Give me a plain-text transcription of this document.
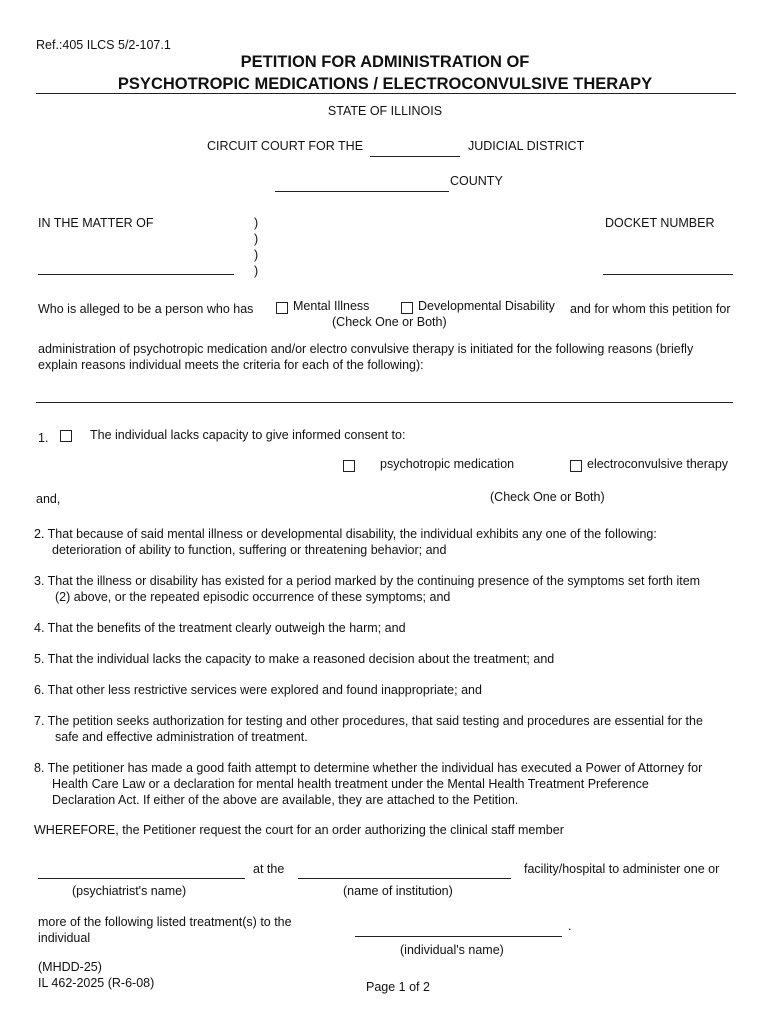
Ref.:405 ILCS 5/2-107.1
PETITION FOR ADMINISTRATION OF
PSYCHOTROPIC MEDICATIONS / ELECTROCONVULSIVE THERAPY
STATE OF ILLINOIS
CIRCUIT COURT FOR THE	JUDICIAL DISTRICT
COUNTY
IN THE MATTER OF	)
)
)
)
DOCKET NUMBER
Who is alleged to be a person who has	Mental Illness	Developmental Disability
(Check One or Both)
and for whom this petition for
administration of psychotropic medication and/or electro convulsive therapy is initiated for the following reasons (briefly explain reasons individual meets the criteria for each of the following):
1.	The individual lacks capacity to give informed consent to:
psychotropic medication	electroconvulsive therapy
and,	(Check One or Both)
2. That because of said mental illness or developmental disability, the individual exhibits any one of the following:
deterioration of ability to function, suffering or threatening behavior; and
3. That the illness or disability has existed for a period marked by the continuing presence of the symptoms set forth item
(2) above, or the repeated episodic occurrence of these symptoms; and
4. That the benefits of the treatment clearly outweigh the harm; and
5. That the individual lacks the capacity to make a reasoned decision about the treatment; and
6. That other less restrictive services were explored and found inappropriate; and
7. The petition seeks authorization for testing and other procedures, that said testing and procedures are essential for the
safe and effective administration of treatment.
8. The petitioner has made a good faith attempt to determine whether the individual has executed a Power of Attorney for
Health Care Law or a declaration for mental health treatment under the Mental Health Treatment Preference
Declaration Act. If either of the above are available, they are attached to the Petition.
WHEREFORE, the Petitioner request the court for an order authorizing the clinical staff member
at the	facility/hospital to administer one or
(psychiatrist's name)	(name of institution)
more of the following listed treatment(s) to the individual
.
(individual's name)
(MHDD-25)
IL 462-2025 (R-6-08)	Page 1 of 2
